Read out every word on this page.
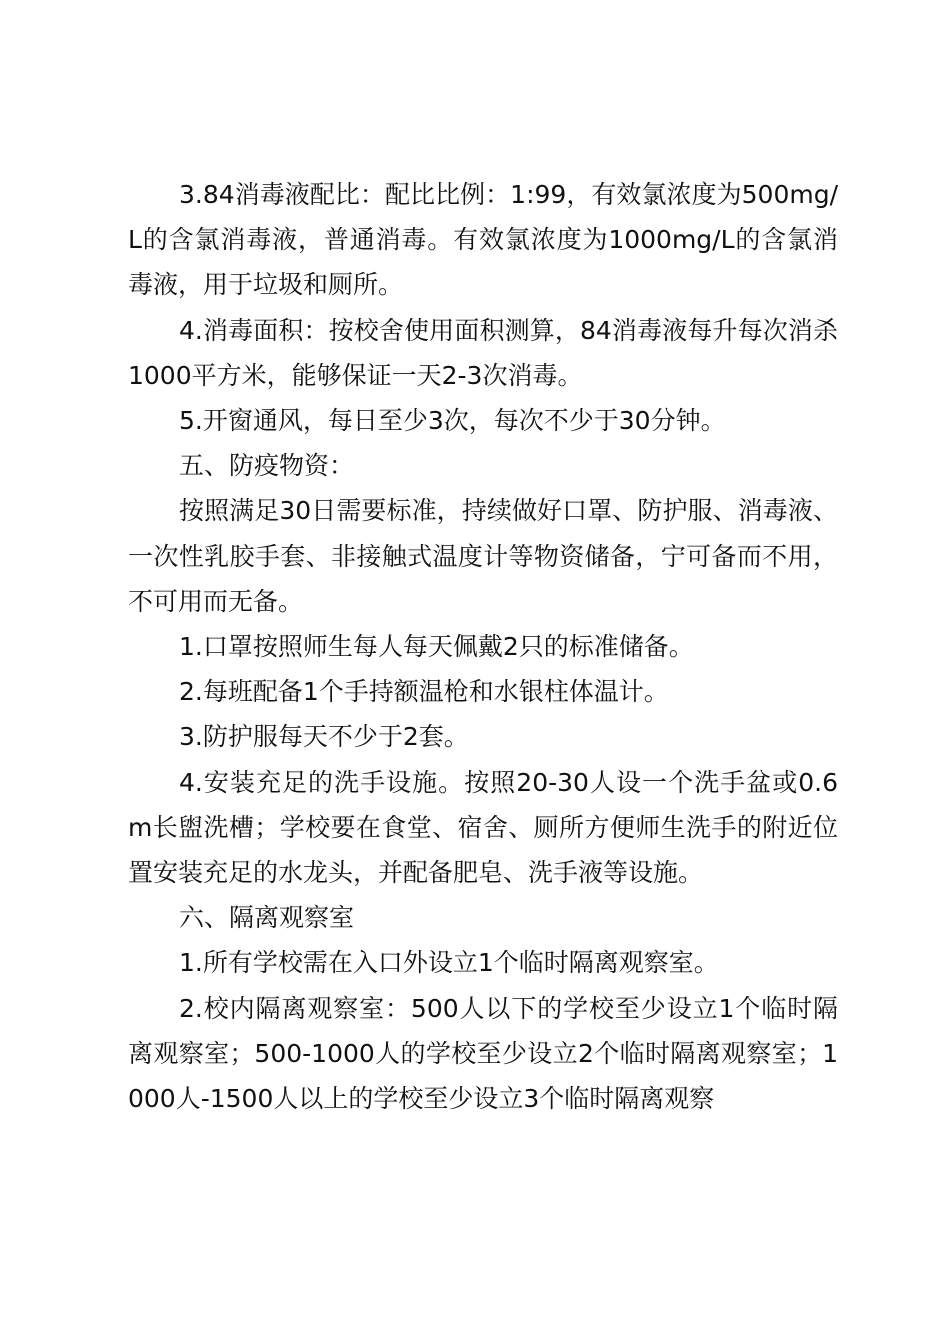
3.84消毒液配比：配比比例：1:99，有效氯浓度为500mg/L的含氯消毒液，普通消毒。有效氯浓度为1000mg/L的含氯消毒液，用于垃圾和厕所。

4.消毒面积：按校舍使用面积测算，84消毒液每升每次消杀1000平方米，能够保证一天2-3次消毒。

5.开窗通风，每日至少3次，每次不少于30分钟。

五、防疫物资：

按照满足30日需要标准，持续做好口罩、防护服、消毒液、一次性乳胶手套、非接触式温度计等物资储备，宁可备而不用，不可用而无备。

1.口罩按照师生每人每天佩戴2只的标准储备。

2.每班配备1个手持额温枪和水银柱体温计。

3.防护服每天不少于2套。

4.安装充足的洗手设施。按照20-30人设一个洗手盆或0.6m长盥洗槽；学校要在食堂、宿舍、厕所方便师生洗手的附近位置安装充足的水龙头，并配备肥皂、洗手液等设施。

六、隔离观察室

1.所有学校需在入口外设立1个临时隔离观察室。

2.校内隔离观察室：500人以下的学校至少设立1个临时隔离观察室；500-1000人的学校至少设立2个临时隔离观察室；1000人-1500人以上的学校至少设立3个临时隔离观察
